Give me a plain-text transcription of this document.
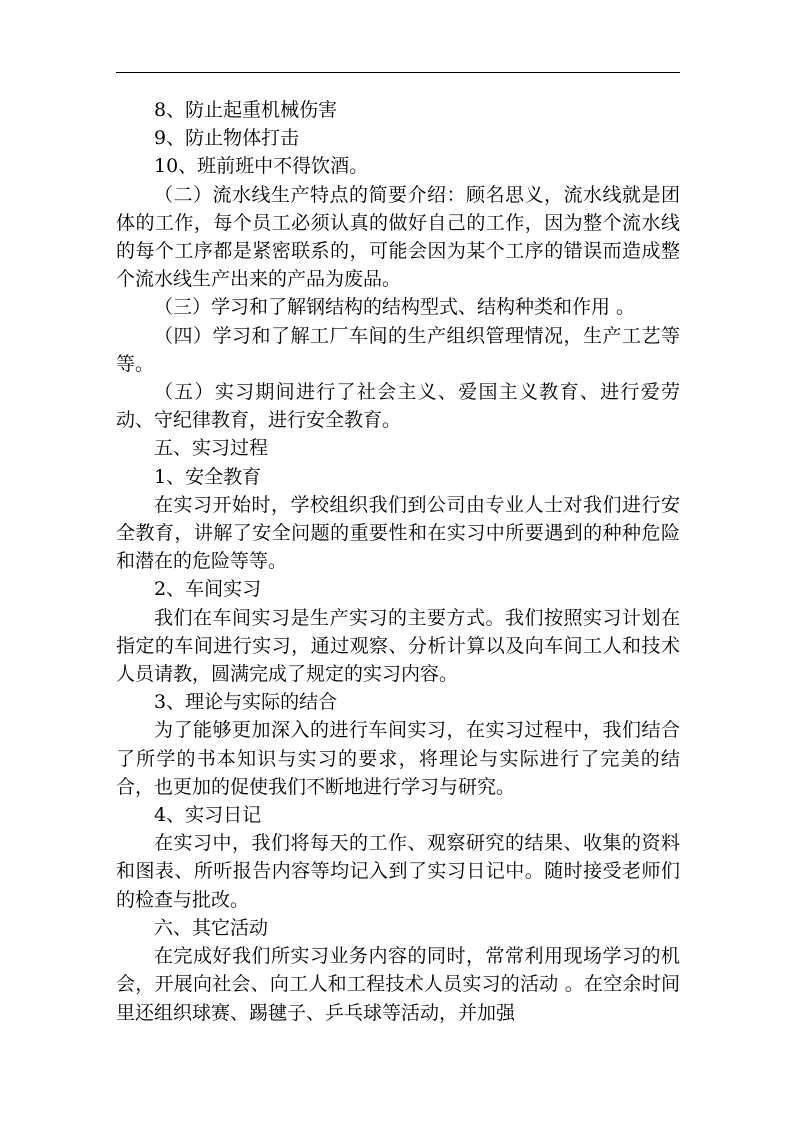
8、防止起重机械伤害

9、防止物体打击

10、班前班中不得饮酒。

（二）流水线生产特点的简要介绍：顾名思义，流水线就是团体的工作，每个员工必须认真的做好自己的工作，因为整个流水线的每个工序都是紧密联系的，可能会因为某个工序的错误而造成整个流水线生产出来的产品为废品。

（三）学习和了解钢结构的结构型式、结构种类和作用 。

（四）学习和了解工厂车间的生产组织管理情况，生产工艺等等。

（五）实习期间进行了社会主义、爱国主义教育、进行爱劳动、守纪律教育，进行安全教育。

五、实习过程

1、安全教育

在实习开始时，学校组织我们到公司由专业人士对我们进行安全教育，讲解了安全问题的重要性和在实习中所要遇到的种种危险和潜在的危险等等。

2、车间实习

我们在车间实习是生产实习的主要方式。我们按照实习计划在指定的车间进行实习，通过观察、分析计算以及向车间工人和技术人员请教，圆满完成了规定的实习内容。

3、理论与实际的结合

为了能够更加深入的进行车间实习，在实习过程中，我们结合了所学的书本知识与实习的要求，将理论与实际进行了完美的结合，也更加的促使我们不断地进行学习与研究。

4、实习日记

在实习中，我们将每天的工作、观察研究的结果、收集的资料和图表、所听报告内容等均记入到了实习日记中。随时接受老师们的检查与批改。

六、其它活动

在完成好我们所实习业务内容的同时，常常利用现场学习的机会，开展向社会、向工人和工程技术人员实习的活动 。在空余时间里还组织球赛、踢毽子、乒乓球等活动，并加强
